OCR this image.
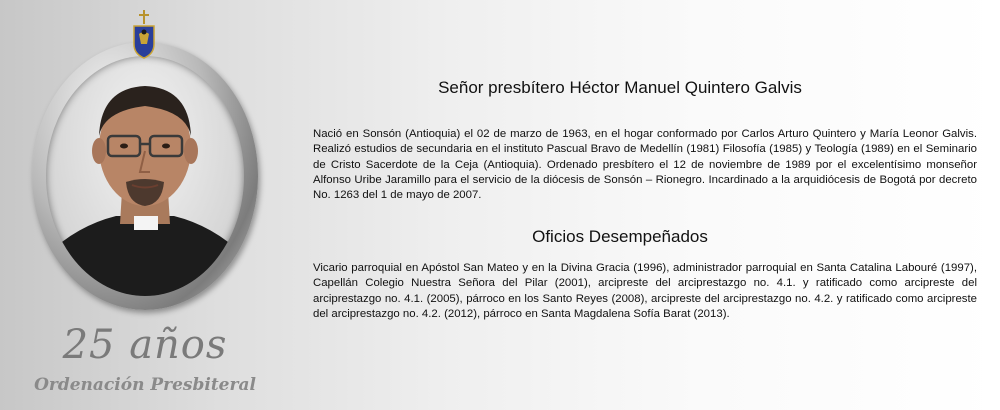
25 años
Ordenación Presbiteral
Señor presbítero Héctor Manuel Quintero Galvis

Nació en Sonsón (Antioquia) el 02 de marzo de 1963, en el hogar conformado por Carlos Arturo Quintero y María Leonor Galvis. Realizó estudios de secundaria en el instituto Pascual Bravo de Medellín (1981) Filosofía (1985) y Teología (1989) en el Seminario de Cristo Sacerdote de la Ceja (Antioquia). Ordenado presbítero el 12 de noviembre de 1989 por el excelentísimo monseñor Alfonso Uribe Jaramillo para el servicio de la diócesis de Sonsón – Rionegro. Incardinado a la arquidiócesis de Bogotá por decreto No. 1263 del 1 de mayo de 2007.

Oficios Desempeñados

Vicario parroquial en Apóstol San Mateo y en la Divina Gracia (1996), administrador parroquial en Santa Catalina Labouré (1997), Capellán Colegio Nuestra Señora del Pilar (2001), arcipreste del arciprestazgo no. 4.1. y ratificado como arcipreste del arciprestazgo no. 4.1. (2005), párroco en los Santo Reyes (2008), arcipreste del arciprestazgo no. 4.2. y ratificado como arcipreste del arciprestazgo no. 4.2. (2012), párroco en Santa Magdalena Sofía Barat (2013).
